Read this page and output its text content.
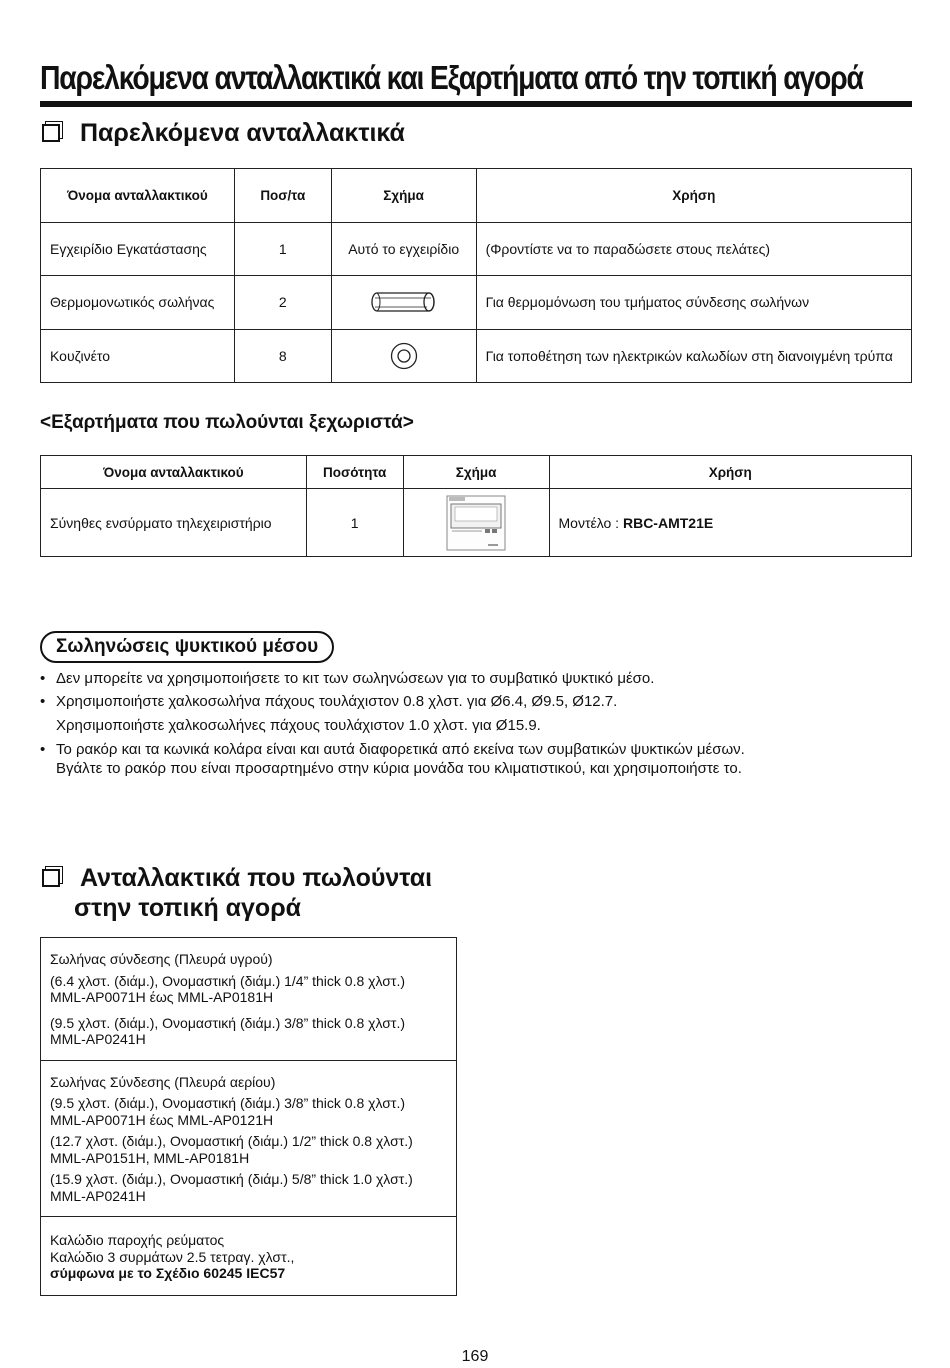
Παρελκόμενα ανταλλακτικά και Εξαρτήματα από την τοπική αγορά
Παρελκόμενα ανταλλακτικά
Όνομα ανταλλακτικού	Ποσ/τα	Σχήμα	Χρήση
Εγχειρίδιο Εγκατάστασης	1	Αυτό το εγχειρίδιο	(Φροντίστε να το παραδώσετε στους πελάτες)
Θερμομονωτικός σωλήνας	2		Για θερμομόνωση του τμήματος σύνδεσης σωλήνων
Κουζινέτο	8		Για τοποθέτηση των ηλεκτρικών καλωδίων στη διανοιγμένη τρύπα
<Εξαρτήματα που πωλούνται ξεχωριστά>
Όνομα ανταλλακτικού	Ποσότητα	Σχήμα	Χρήση
Σύνηθες ενσύρματο τηλεχειριστήριο	1		Μοντέλο : RBC-AMT21E
Σωληνώσεις ψυκτικού μέσου
• Δεν μπορείτε να χρησιμοποιήσετε το κιτ των σωληνώσεων για το συμβατικό ψυκτικό μέσο.
• Χρησιμοποιήστε χαλκοσωλήνα πάχους τουλάχιστον 0.8 χλστ. για Ø6.4, Ø9.5, Ø12.7.
Χρησιμοποιήστε χαλκοσωλήνες πάχους τουλάχιστον 1.0 χλστ. για Ø15.9.
• Το ρακόρ και τα κωνικά κολάρα είναι και αυτά διαφορετικά από εκείνα των συμβατικών ψυκτικών μέσων.
Βγάλτε το ρακόρ που είναι προσαρτημένο στην κύρια μονάδα του κλιματιστικού, και χρησιμοποιήστε το.
Ανταλλακτικά που πωλούνται
στην τοπική αγορά

Σωλήνας σύνδεσης (Πλευρά υγρού)

(6.4 χλστ. (διάμ.), Ονομαστική (διάμ.) 1/4” thick 0.8 χλστ.)
MML-AP0071H έως MML-AP0181H

(9.5 χλστ. (διάμ.), Ονομαστική (διάμ.) 3/8” thick 0.8 χλστ.)
MML-AP0241H

Σωλήνας Σύνδεσης (Πλευρά αερίου)

(9.5 χλστ. (διάμ.), Ονομαστική (διάμ.) 3/8” thick 0.8 χλστ.)
MML-AP0071H έως MML-AP0121H

(12.7 χλστ. (διάμ.), Ονομαστική (διάμ.) 1/2” thick 0.8 χλστ.)
MML-AP0151H, MML-AP0181H

(15.9 χλστ. (διάμ.), Ονομαστική (διάμ.) 5/8” thick 1.0 χλστ.)
MML-AP0241H

Καλώδιο παροχής ρεύματος

Καλώδιο 3 συρμάτων 2.5 τετραγ. χλστ.,

σύμφωνα με το Σχέδιο 60245 IEC57

169
